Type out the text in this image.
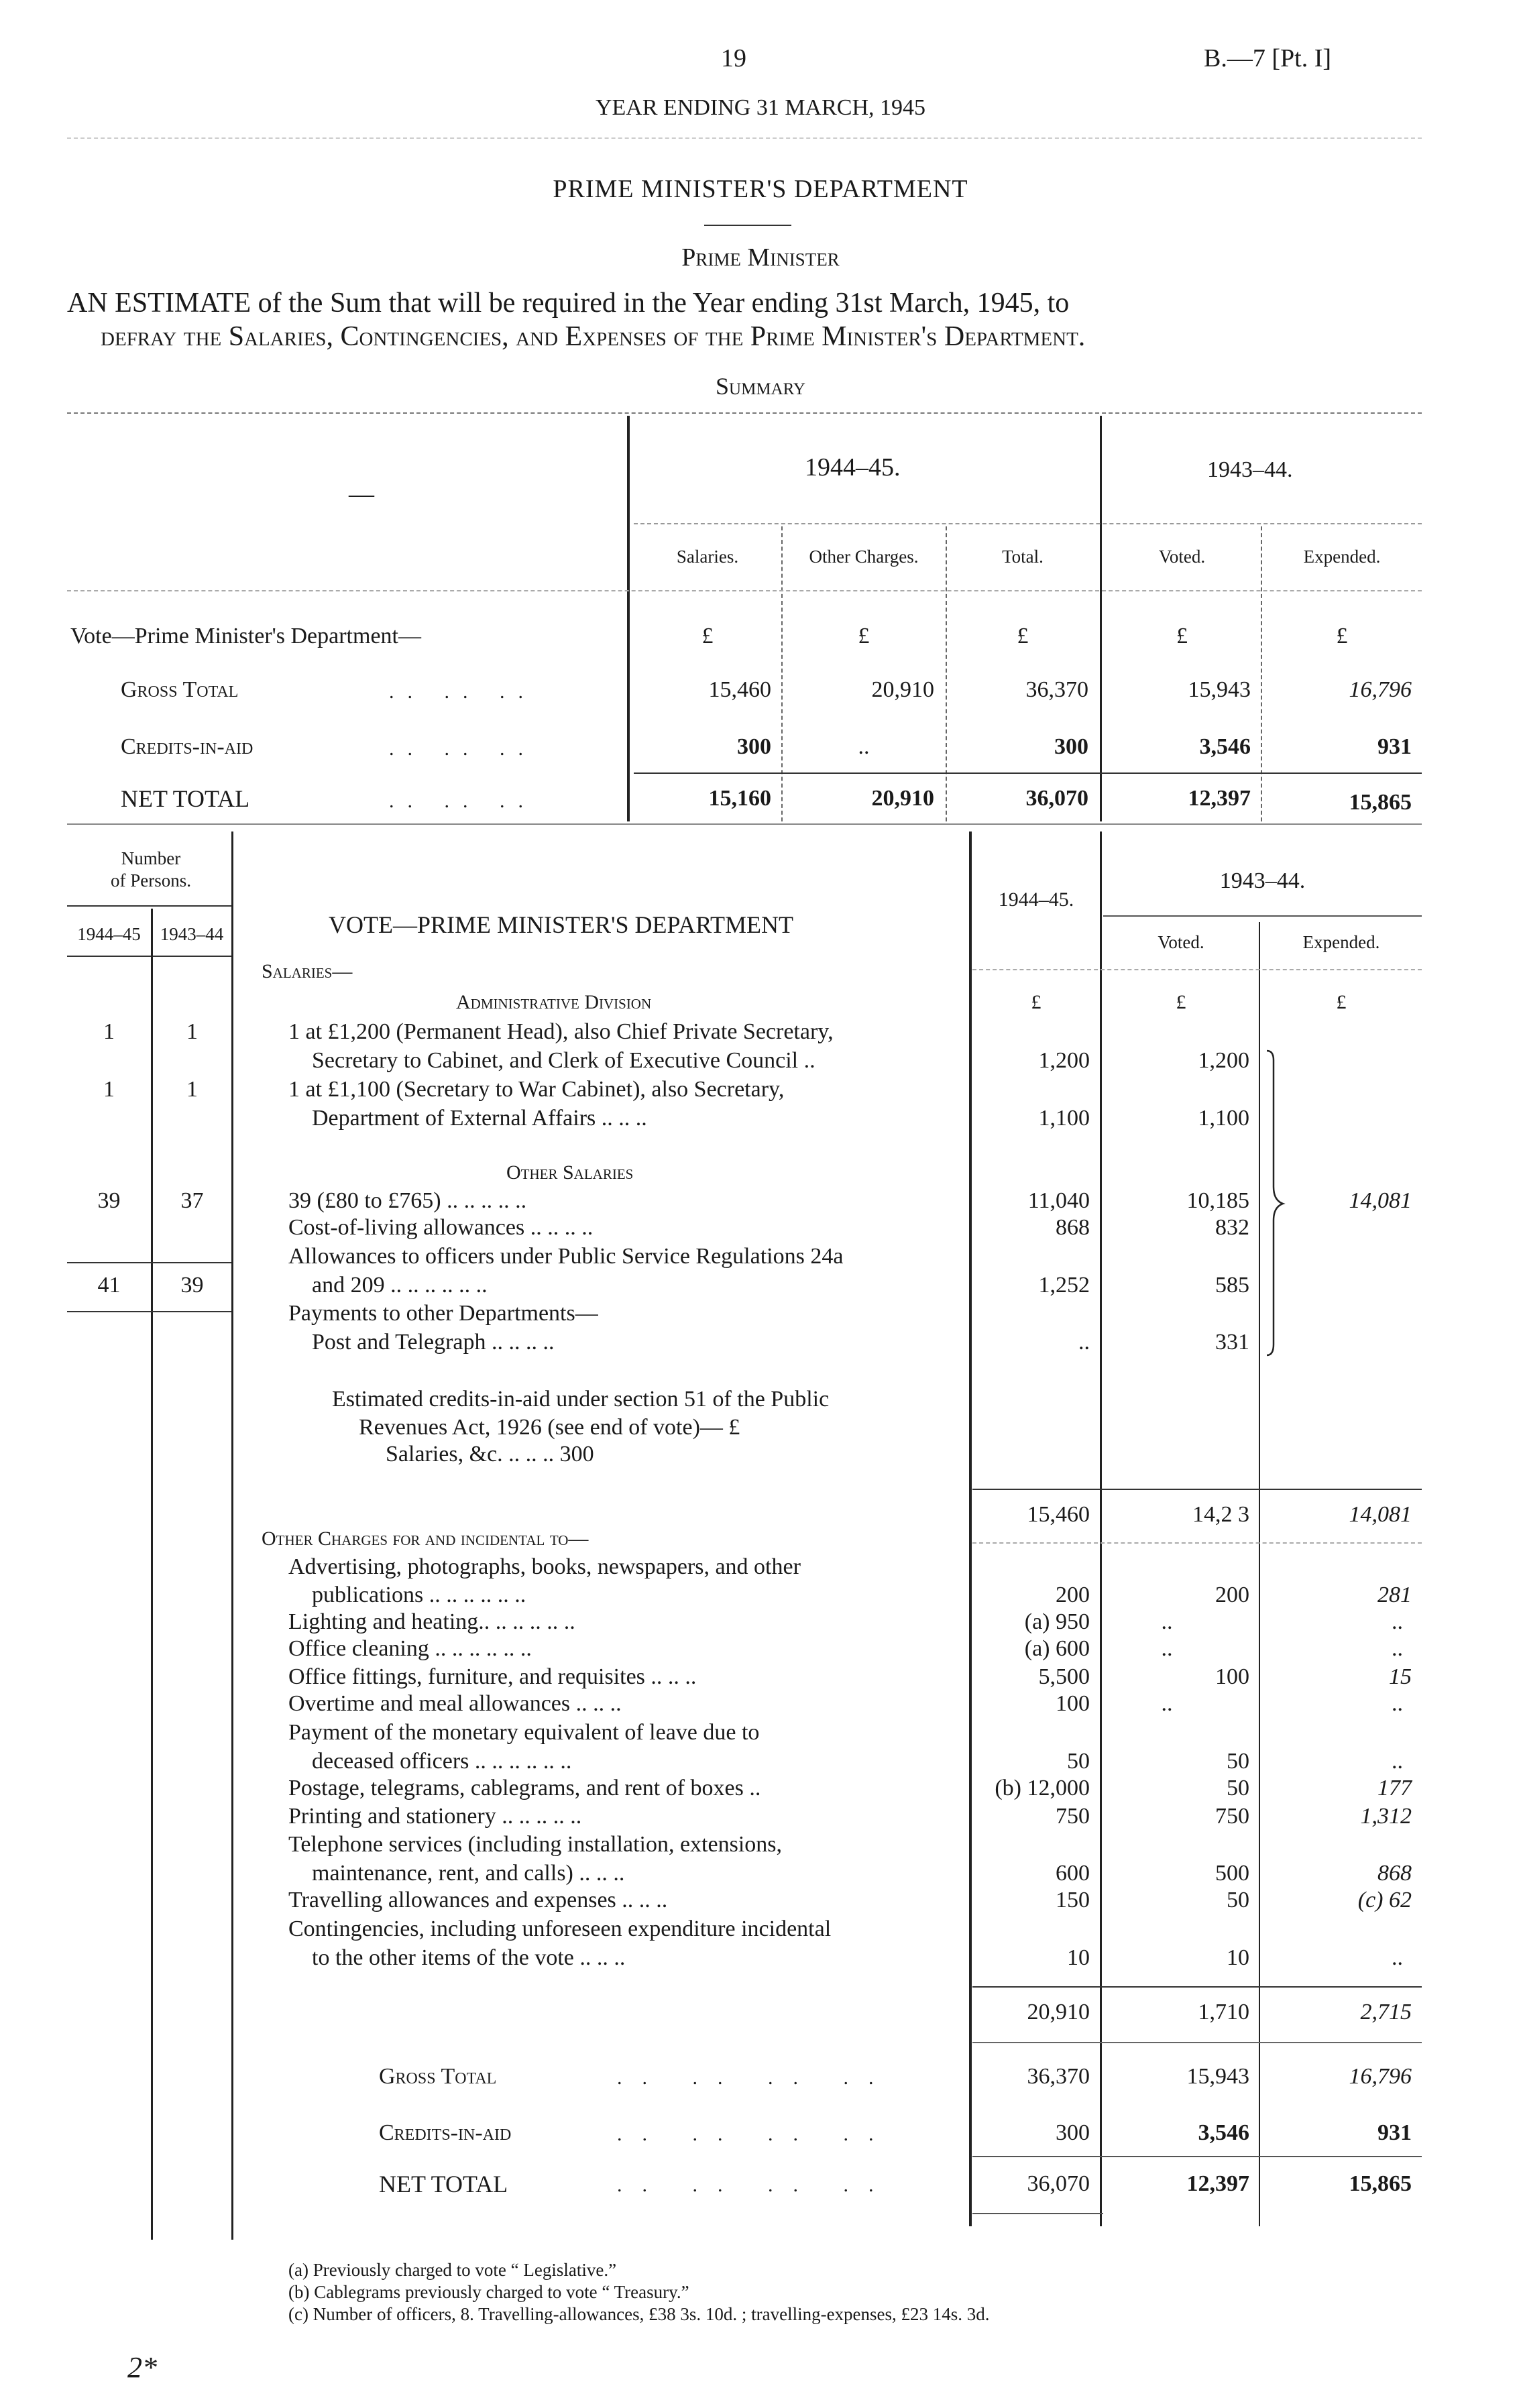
19	B.—7 [Pt. I]
YEAR ENDING 31 MARCH, 1945
PRIME MINISTER'S DEPARTMENT
Prime Minister
AN ESTIMATE of the Sum that will be required in the Year ending 31st March, 1945, to
defray the Salaries, Contingencies, and Expenses of the Prime Minister's Department.
Summary
—
1944–45.	1943–44.
Salaries.	Other Charges.	Total.	Voted.	Expended.
Vote—Prime Minister's Department—	£	£	£	£	£
Gross Total	.. .. ..	15,460	20,910	36,370	15,943	16,796
Credits-in-aid	.. .. ..	300	..	300	3,546	931
NET TOTAL	.. .. ..	15,160	20,910	36,070	12,397	15,865
Number
of Persons.
1944–45	1943–44	VOTE—PRIME MINISTER'S DEPARTMENT
1944–45.
1943–44.
Voted.	Expended.
Salaries—
Administrative Division	£	£	£
1	1	1 at £1,200 (Permanent Head), also Chief Private Secretary,
Secretary to Cabinet, and Clerk of Executive Council ..	1,200	1,200
1	1	1 at £1,100 (Secretary to War Cabinet), also Secretary,
Department of External Affairs .. .. ..	1,100	1,100
Other Salaries
39	37	39 (£80 to £765) .. .. .. .. ..	11,040	10,185
Cost-of-living allowances .. .. .. ..	868	832
Allowances to officers under Public Service Regulations 24a
41	39	and 209 .. .. .. .. .. ..	1,252	585
Payments to other Departments—
Post and Telegraph .. .. .. ..	..	331
14,081
Estimated credits-in-aid under section 51 of the Public
Revenues Act, 1926 (see end of vote)— £
Salaries, &c. .. .. .. 300
15,460	14,2 3	14,081
Other Charges for and incidental to—
Advertising, photographs, books, newspapers, and other
publications .. .. .. .. .. ..	200	200	281
Lighting and heating.. .. .. .. .. ..	(a) 950	..	..
Office cleaning .. .. .. .. .. ..	(a) 600	..	..
Office fittings, furniture, and requisites .. .. ..	5,500	100	15
Overtime and meal allowances .. .. ..	100	..	..
Payment of the monetary equivalent of leave due to
deceased officers .. .. .. .. .. ..	50	50	..
Postage, telegrams, cablegrams, and rent of boxes ..	(b) 12,000	50	177
Printing and stationery .. .. .. .. ..	750	750	1,312
Telephone services (including installation, extensions,
maintenance, rent, and calls) .. .. ..	600	500	868
Travelling allowances and expenses .. .. ..	150	50	(c) 62
Contingencies, including unforeseen expenditure incidental
to the other items of the vote .. .. ..	10	10	..
20,910	1,710	2,715
Gross Total	.. .. .. ..	36,370	15,943	16,796
Credits-in-aid	.. .. .. ..	300	3,546	931
NET TOTAL	.. .. .. ..	36,070	12,397	15,865
(a) Previously charged to vote “ Legislative.”
(b) Cablegrams previously charged to vote “ Treasury.”
(c) Number of officers, 8. Travelling-allowances, £38 3s. 10d. ; travelling-expenses, £23 14s. 3d.
2*
